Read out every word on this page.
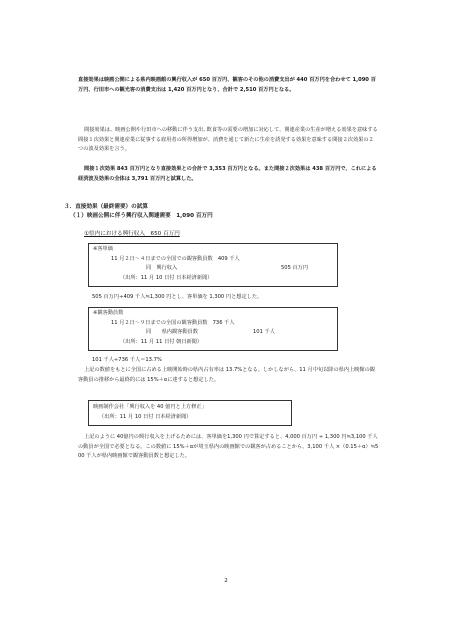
直接効果は映画公開による県内映画館の興行収入が 650 百万円、観客のその他の消費支出が 440 百万円を合わせて 1,090 百万円、行田市への観光客の消費支出は 1,420 百万円となり、合計で 2,510 百万円となる。

間接効果は、映画公開や行田市への移動に伴う支出, 飲食等の需要の増加に対応して、関連産業の生産が増える効果を意味する間接１次効果と関連産業に従事する雇用者の所得増加が、消費を通じて新たに生産を誘発する効果を意味する間接２次効果の２つの波及効果を言う。

間接１次効果 843 百万円となり直接効果との合計で 3,353 百万円となる。また間接２次効果は 438 百万円で、これによる経済波及効果の全体は 3,791 百万円と試算した。

３．直接効果（最終需要）の試算

（１）映画公開に伴う興行収入関連需要　1,090 百万円

①県内における興行収入　650 百万円

※客単価

11 月２日～４日までの全国での観客動員数　409 千人

同　興行収入	505 百万円

（出所：11 月 10 日付 日本経済新聞）

505 百万円÷409 千人≒1,300 円とし、客単価を 1,300 円と想定した。

※観客動員数

11 月２日～９日までの全国の観客動員数　736 千人

同　　県内観客動員数	101 千人

（出所：11 月 11 日付 朝日新聞）

101 千人÷736 千人＝13.7%

上記の数値をもとに全国に占める上映開始時の県内占有率は 13.7%となる。しかしながら、11 月中旬以降の県内上映館の観客動員の推移から最終的には 15%＋αに達すると想定した。

映画制作会社「興行収入を 40 億円と上方修正」

（出所：11 月 10 日付 日本経済新聞）

上記のように 40億円の興行収入を上げるためには、客単価を1,300 円で算定すると、4,000 百万円 ÷ 1,300 円≒3,100 千人の動員が全国で必要となる。この数値に 15%＋αが埼玉県内の映画館での観客が占めることから、3,100 千人 ×（0.15＋α）≒500 千人が県内映画館で観客動員数と想定した。

2
